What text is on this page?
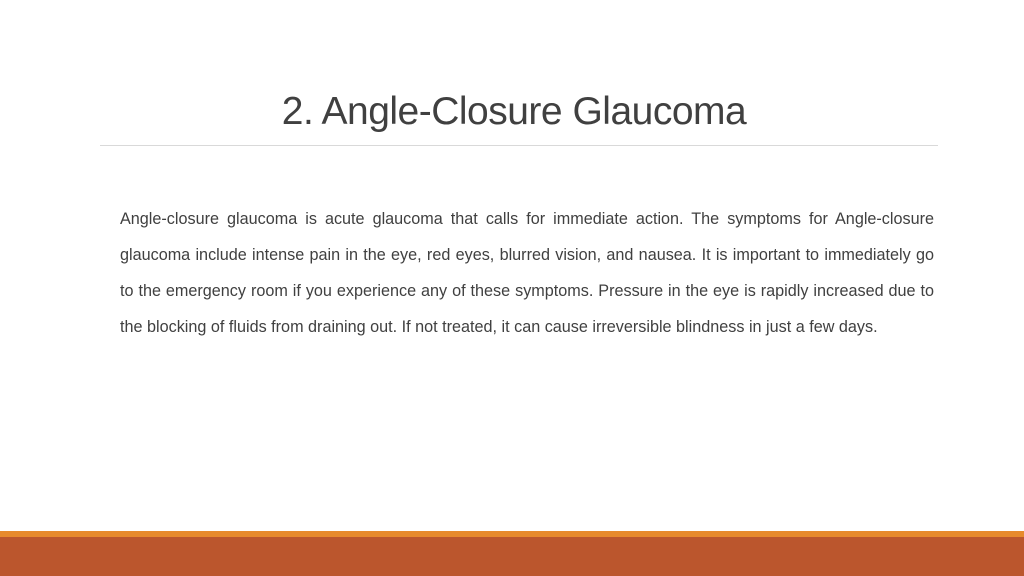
2. Angle-Closure Glaucoma

Angle-closure glaucoma is acute glaucoma that calls for immediate action. The symptoms for Angle-closure glaucoma include intense pain in the eye, red eyes, blurred vision, and nausea. It is important to immediately go to the emergency room if you experience any of these symptoms. Pressure in the eye is rapidly increased due to the blocking of fluids from draining out. If not treated, it can cause irreversible blindness in just a few days.
